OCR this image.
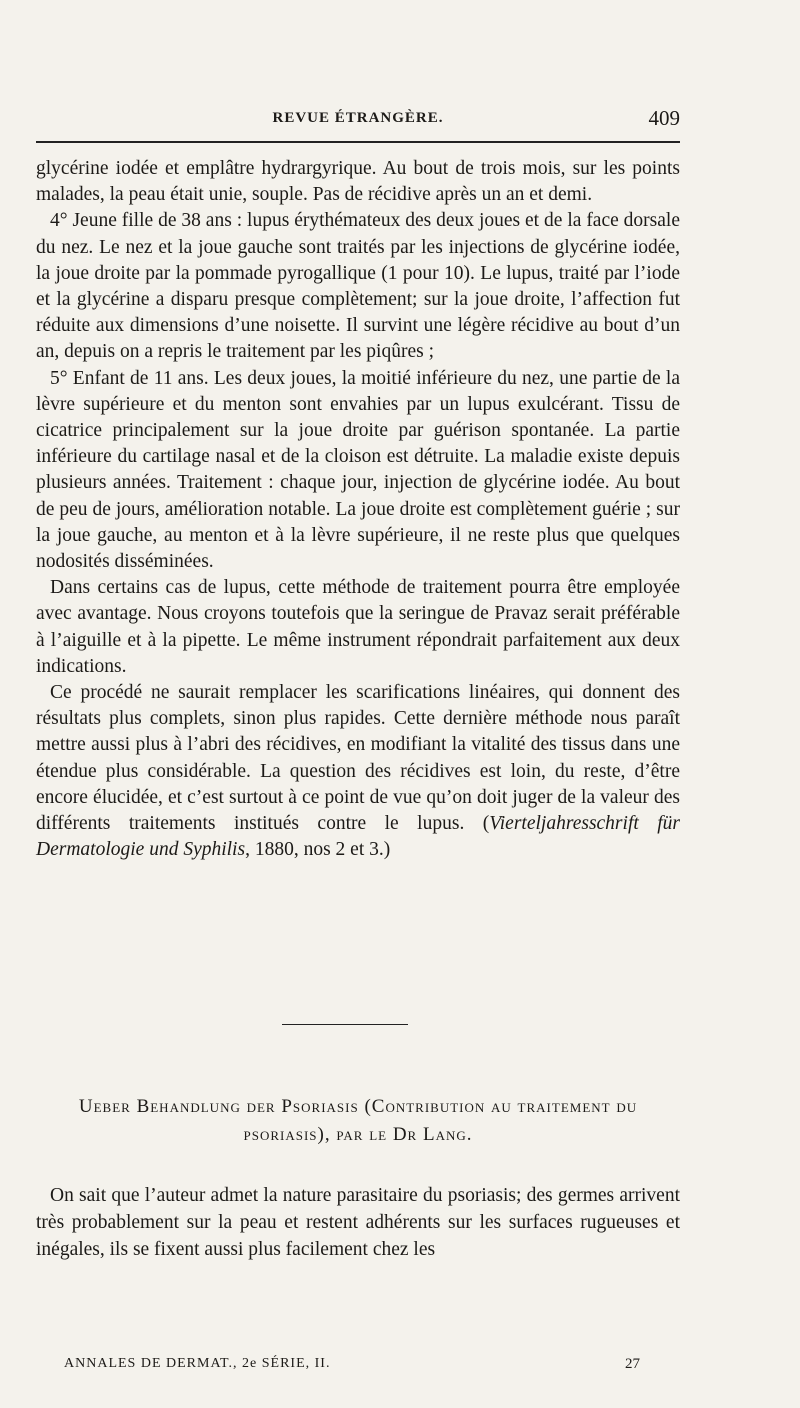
REVUE ÉTRANGÈRE.	409

glycérine iodée et emplâtre hydrargyrique. Au bout de trois mois, sur les points malades, la peau était unie, souple. Pas de récidive après un an et demi.

4° Jeune fille de 38 ans : lupus érythémateux des deux joues et de la face dorsale du nez. Le nez et la joue gauche sont traités par les injections de glycérine iodée, la joue droite par la pommade pyrogallique (1 pour 10). Le lupus, traité par l’iode et la glycérine a disparu presque complètement; sur la joue droite, l’affection fut réduite aux dimensions d’une noisette. Il survint une légère récidive au bout d’un an, depuis on a repris le traitement par les piqûres ;

5° Enfant de 11 ans. Les deux joues, la moitié inférieure du nez, une partie de la lèvre supérieure et du menton sont envahies par un lupus exulcérant. Tissu de cicatrice principalement sur la joue droite par guérison spontanée. La partie inférieure du cartilage nasal et de la cloison est détruite. La maladie existe depuis plusieurs années. Traitement : chaque jour, injection de glycérine iodée. Au bout de peu de jours, amélioration notable. La joue droite est complètement guérie ; sur la joue gauche, au menton et à la lèvre supérieure, il ne reste plus que quelques nodosités disséminées.

Dans certains cas de lupus, cette méthode de traitement pourra être employée avec avantage. Nous croyons toutefois que la seringue de Pravaz serait préférable à l’aiguille et à la pipette. Le même instrument répondrait parfaitement aux deux indications.

Ce procédé ne saurait remplacer les scarifications linéaires, qui donnent des résultats plus complets, sinon plus rapides. Cette dernière méthode nous paraît mettre aussi plus à l’abri des récidives, en modifiant la vitalité des tissus dans une étendue plus considérable. La question des récidives est loin, du reste, d’être encore élucidée, et c’est surtout à ce point de vue qu’on doit juger de la valeur des différents traitements institués contre le lupus. (Vierteljahresschrift für Dermatologie und Syphilis, 1880, nos 2 et 3.)

Ueber Behandlung der Psoriasis (Contribution au traitement du
psoriasis), par le Dr Lang.

On sait que l’auteur admet la nature parasitaire du psoriasis; des germes arrivent très probablement sur la peau et restent adhérents sur les surfaces rugueuses et inégales, ils se fixent aussi plus facilement chez les

ANNALES DE DERMAT., 2e SÉRIE, II.	27
